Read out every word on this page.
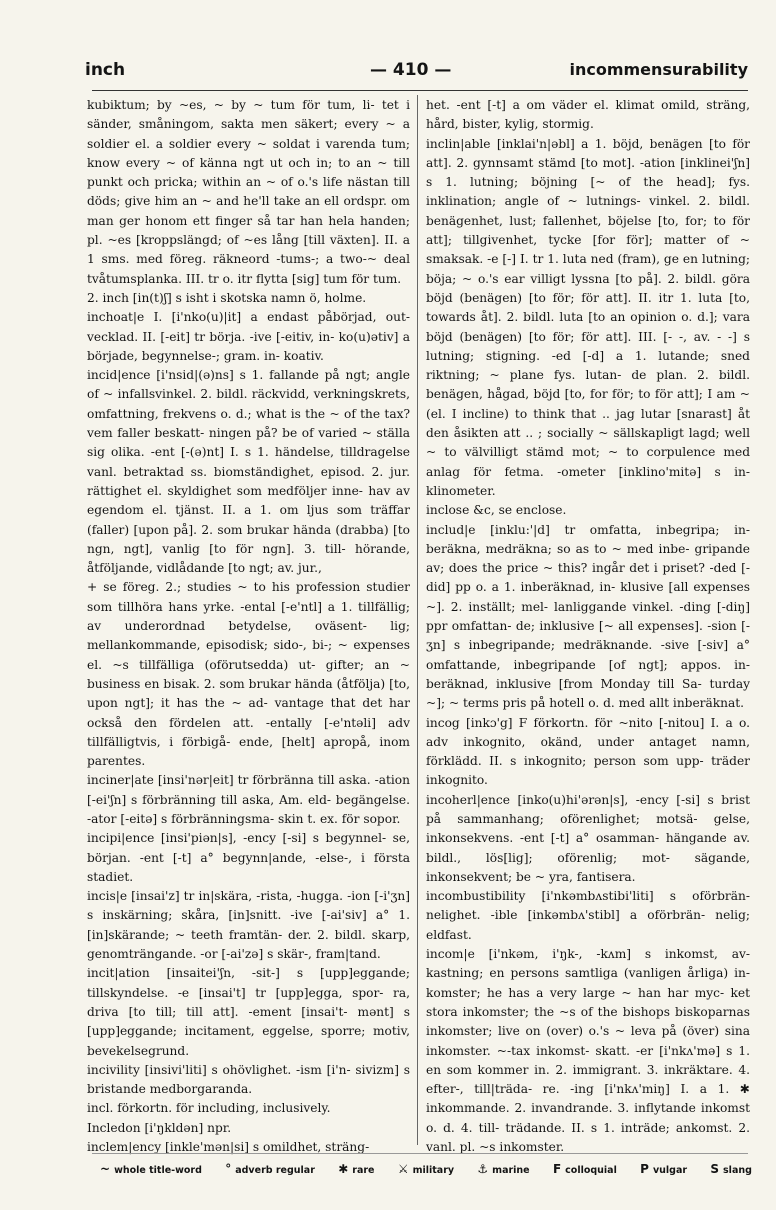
inch	— 410 —	incommensurability

kubiktum; by ~es, ~ by ~ tum för tum, li- tet i sänder, småningom, sakta men säkert; every ~ a soldier el. a soldier every ~ soldat i varenda tum; know every ~ of känna ngt ut och in; to an ~ till punkt och pricka; within an ~ of o.'s life nästan till döds; give him an ~ and he'll take an ell ordspr. om man ger honom ett finger så tar han hela handen; pl. ~es [kroppslängd; of ~es lång [till växten]. II. a 1 sms. med föreg. räkneord -tums-; a two-~ deal tvåtumsplanka. III. tr o. itr flytta [sig] tum för tum.

2. inch [in(t)ʃ] s isht i skotska namn ö, holme.

inchoat|e I. [i'nko(u)|it] a endast påbörjad, out- vecklad. II. [-eit] tr börja. -ive [-eitiv, in- ko(u)ətiv] a började, begynnelse-; gram. in- koativ.

incid|ence [i'nsid|(ə)ns] s 1. fallande på ngt; angle of ~ infallsvinkel. 2. bildl. räckvidd, verkningskrets, omfattning, frekvens o. d.; what is the ~ of the tax? vem faller beskatt- ningen på? be of varied ~ ställa sig olika. -ent [-(ə)nt] I. s 1. händelse, tilldragelse vanl. betraktad ss. biomständighet, episod. 2. jur. rättighet el. skyldighet som medföljer inne- hav av egendom el. tjänst. II. a 1. om ljus som träffar (faller) [upon på]. 2. som brukar hända (drabba) [to ngn, ngt], vanlig [to för ngn]. 3. till- hörande, åtföljande, vidlådande [to ngt; av. jur.,

+ se föreg. 2.; studies ~ to his profession studier som tillhöra hans yrke. -ental [-e'ntl] a 1. tillfällig; av underordnad betydelse, oväsent- lig; mellankommande, episodisk; sido-, bi-; ~ expenses el. ~s tillfälliga (oförutsedda) ut- gifter; an ~ business en bisak. 2. som brukar hända (åtfölja) [to, upon ngt]; it has the ~ ad- vantage that det har också den fördelen att. -entally [-e'ntəli] adv tillfälligtvis, i förbigå- ende, [helt] apropå, inom parentes.

inciner|ate [insi'nər|eit] tr förbränna till aska. -ation [-ei'ʃn] s förbränning till aska, Am. eld- begängelse. -ator [-eitə] s förbränningsma- skin t. ex. för sopor.

incipi|ence [insi'piən|s], -ency [-si] s begynnel- se, början. -ent [-t] a° begynn|ande, -else-, i första stadiet.

incis|e [insai'z] tr in|skära, -rista, -hugga. -ion [-i'ʒn] s inskärning; skåra, [in]snitt. -ive [-ai'siv] a° 1. [in]skärande; ~ teeth framtän- der. 2. bildl. skarp, genomträngande. -or [-ai'zə] s skär-, fram|tand.

incit|ation [insaitei'ʃn, -sit-] s [upp]eggande; tillskyndelse. -e [insai't] tr [upp]egga, spor- ra, driva [to till; till att]. -ement [insai't- mənt] s [upp]eggande; incitament, eggelse, sporre; motiv, bevekelsegrund.

incivility [insivi'liti] s ohövlighet. -ism [i'n- sivizm] s bristande medborgaranda.

incl. förkortn. för including, inclusively.

Incledon [i'ŋkldən] npr.

inclem|ency [inkle'mən|si] s omildhet, sträng-

het. -ent [-t] a om väder el. klimat omild, sträng, hård, bister, kylig, stormig.

inclin|able [inklai'n|əbl] a 1. böjd, benägen [to för att]. 2. gynnsamt stämd [to mot]. -ation [inklinei'ʃn] s 1. lutning; böjning [~ of the head]; fys. inklination; angle of ~ lutnings- vinkel. 2. bildl. benägenhet, lust; fallenhet, böjelse [to, for; to för att]; tillgivenhet, tycke [for för]; matter of ~ smaksak. -e [-] I. tr 1. luta ned (fram), ge en lutning; böja; ~ o.'s ear villigt lyssna [to på]. 2. bildl. göra böjd (benägen) [to för; för att]. II. itr 1. luta [to, towards åt]. 2. bildl. luta [to an opinion o. d.]; vara böjd (benägen) [to för; för att]. III. [- -, av. - -] s lutning; stigning. -ed [-d] a 1. lutande; sned riktning; ~ plane fys. lutan- de plan. 2. bildl. benägen, hågad, böjd [to, for för; to för att]; I am ~ (el. I incline) to think that .. jag lutar [snarast] åt den åsikten att .. ; socially ~ sällskapligt lagd; well ~ to välvilligt stämd mot; ~ to corpulence med anlag för fetma. -ometer [inklino'mitə] s in- klinometer.

inclose &c, se enclose.

includ|e [inklu:'|d] tr omfatta, inbegripa; in- beräkna, medräkna; so as to ~ med inbe- gripande av; does the price ~ this? ingår det i priset? -ded [-did] pp o. a 1. inberäknad, in- klusive [all expenses ~]. 2. inställt; mel- lanliggande vinkel. -ding [-diŋ] ppr omfattan- de; inklusive [~ all expenses]. -sion [-ʒn] s inbegripande; medräknande. -sive [-siv] a° omfattande, inbegripande [of ngt]; appos. in- beräknad, inklusive [from Monday till Sa- turday ~]; ~ terms pris på hotell o. d. med allt inberäknat.

incog [inkɔ'g] F förkortn. för ~nito [-nitou] I. a o. adv inkognito, okänd, under antaget namn, förklädd. II. s inkognito; person som upp- träder inkognito.

incoherl|ence [inko(u)hi'ərən|s], -ency [-si] s brist på sammanhang; oförenlighet; motsä- gelse, inkonsekvens. -ent [-t] a° osamman- hängande av. bildl., lös[lig]; oförenlig; mot- sägande, inkonsekvent; be ~ yra, fantisera.

incombustibility [i'nkəmbʌstibi'liti] s oförbrän- nelighet. -ible [inkəmbʌ'stibl] a oförbrän- nelig; eldfast.

incom|e [i'nkəm, i'ŋk-, -kʌm] s inkomst, av- kastning; en persons samtliga (vanligen årliga) in- komster; he has a very large ~ han har myc- ket stora inkomster; the ~s of the bishops biskoparnas inkomster; live on (over) o.'s ~ leva på (över) sina inkomster. ~-tax inkomst- skatt. -er [i'nkʌ'mə] s 1. en som kommer in. 2. immigrant. 3. inkräktare. 4. efter-, till|träda- re. -ing [i'nkʌ'miŋ] I. a 1. ✱ inkommande. 2. invandrande. 3. inflytande inkomst o. d. 4. till- trädande. II. s 1. inträde; ankomst. 2. vanl. pl. ~s inkomster.

~ whole title-word ° adverb regular ✱ rare ⚔ military ⚓ marine F colloquial P vulgar S slang
